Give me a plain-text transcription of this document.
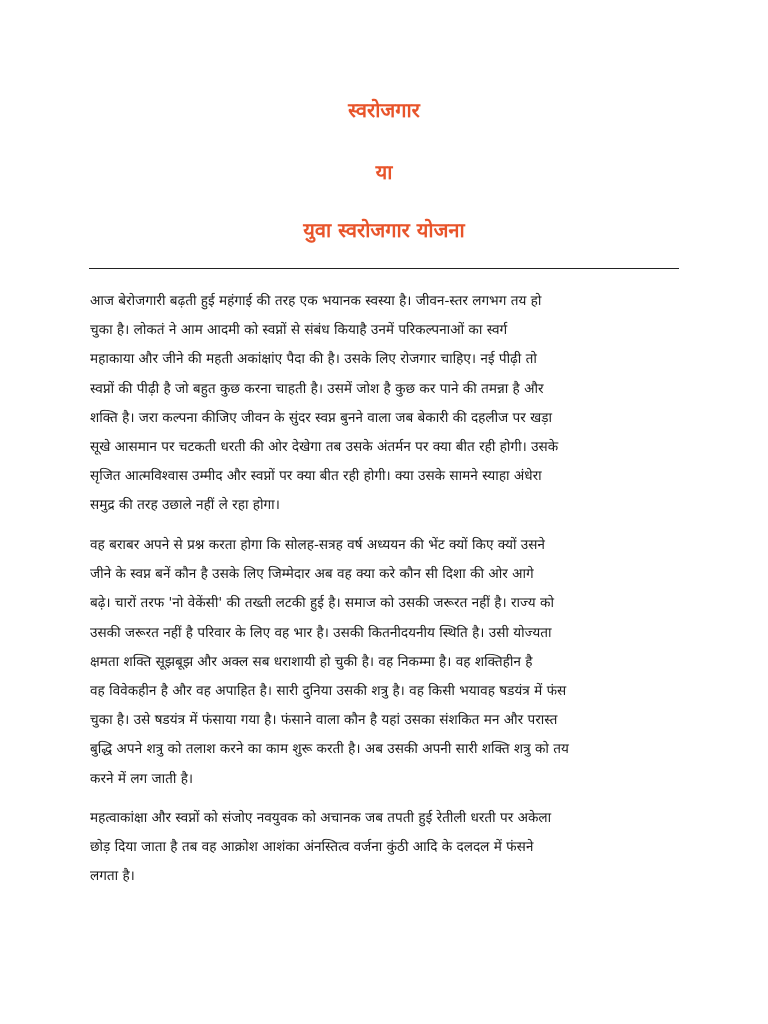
स्वरोजगार
या
युवा स्वरोजगार योजना
आज बेरोजगारी बढ़ती हुई महंगाई की तरह एक भयानक स्वस्या है। जीवन-स्तर लगभग तय हो
चुका है। लोकतं ने आम आदमी को स्वप्नों से संबंध कियाहै उनमें परिकल्पनाओं का स्वर्ग
महाकाया और जीने की महती अकांक्षांए पैदा की है। उसके लिए रोजगार चाहिए। नई पीढ़ी तो
स्वप्नों की पीढ़ी है जो बहुत कुछ करना चाहती है। उसमें जोश है कुछ कर पाने की तमन्ना है और
शक्ति है। जरा कल्पना कीजिए जीवन के सुंदर स्वप्न बुनने वाला जब बेकारी की दहलीज पर खड़ा
सूखे आसमान पर चटकती धरती की ओर देखेगा तब उसके अंतर्मन पर क्या बीत रही होगी। उसके
सृजित आत्मविश्वास उम्मीद और स्वप्नों पर क्या बीत रही होगी। क्या उसके सामने स्याहा अंधेरा
समुद्र की तरह उछाले नहीं ले रहा होगा।
वह बराबर अपने से प्रश्न करता होगा कि सोलह-सत्रह वर्ष अध्ययन की भेंट क्यों किए क्यों उसने
जीने के स्वप्न बनें कौन है उसके लिए जिम्मेदार अब वह क्या करे कौन सी दिशा की ओर आगे
बढ़े। चारों तरफ 'नो वेकेंसी' की तख्ती लटकी हुई है। समाज को उसकी जरूरत नहीं है। राज्य को
उसकी जरूरत नहीं है परिवार के लिए वह भार है। उसकी कितनीदयनीय स्थिति है। उसी योज्यता
क्षमता शक्ति सूझबूझ और अक्ल सब धराशायी हो चुकी है। वह निकम्मा है। वह शक्तिहीन है
वह विवेकहीन है और वह अपाहित है। सारी दुनिया उसकी शत्रु है। वह किसी भयावह षडयंत्र में फंस
चुका है। उसे षडयंत्र में फंसाया गया है। फंसाने वाला कौन है यहां उसका संशकित मन और परास्त
बुद्धि अपने शत्रु को तलाश करने का काम शुरू करती है। अब उसकी अपनी सारी शक्ति शत्रु को तय
करने में लग जाती है।
महत्वाकांक्षा और स्वप्नों को संजोए नवयुवक को अचानक जब तपती हुई रेतीली धरती पर अकेला
छोड़ दिया जाता है तब वह आक्रोश आशंका अंनस्तित्व वर्जना कुंठी आदि के दलदल में फंसने
लगता है।
